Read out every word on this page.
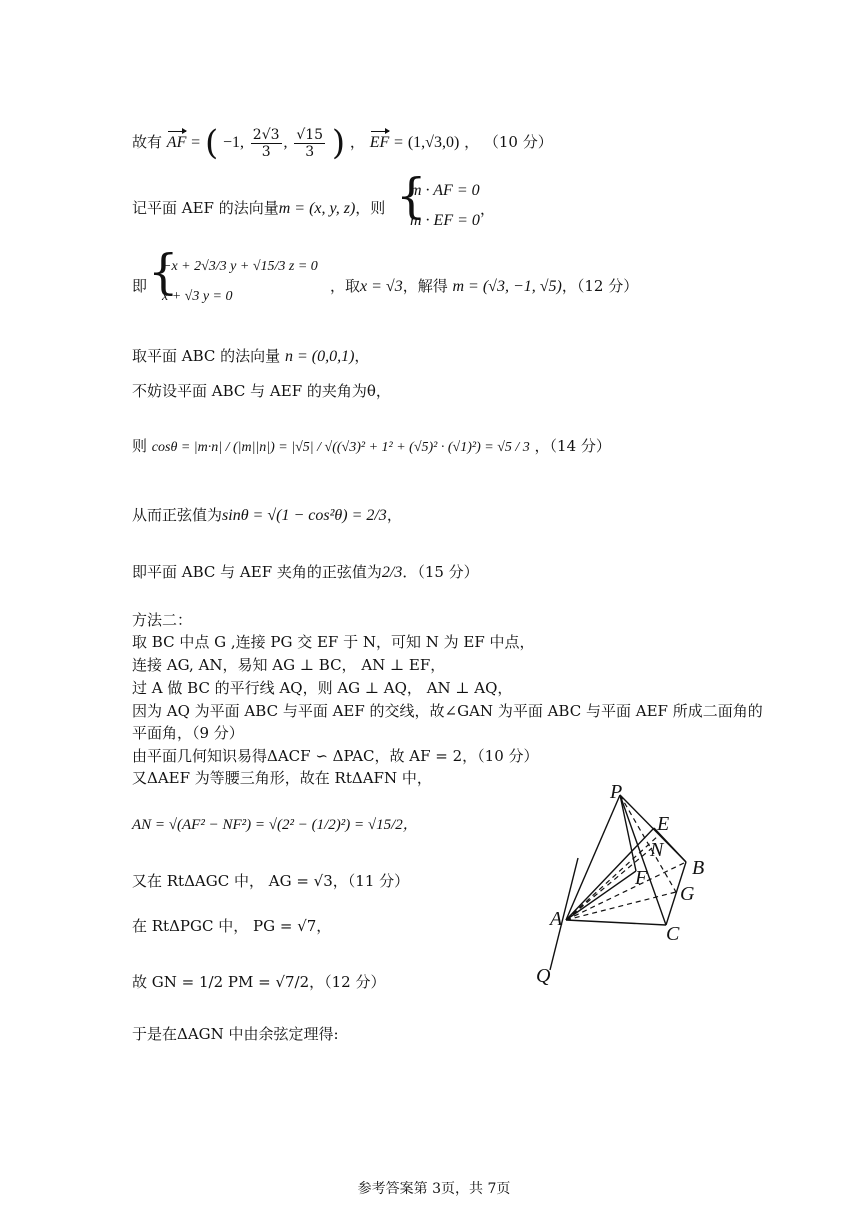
故有 AF = ( −1, $\frac{2√3}{3}$ , $\frac{√15}{3}$ ) ， EF = (1,√3,0) ， （10 分）
记平面 AEF 的法向量m = (x, y, z)，则
{ m · AF = 0
m · EF = 0
，
即
{ −x + 2√3/3 y + √15/3 z = 0
x + √3 y = 0
，取x = √3，解得 m = (√3, −1, √5)，（12 分）
取平面 ABC 的法向量 n = (0,0,1)，
不妨设平面 ABC 与 AEF 的夹角为θ，
则 cosθ = |m·n| / (|m||n|) = |√5| / √((√3)² + 1² + (√5)² · (√1)²) = √5 / 3 ，（14 分）
从而正弦值为sinθ = √(1 − cos²θ) = 2/3，
即平面 ABC 与 AEF 夹角的正弦值为2/3．（15 分）
方法二：
取 BC 中点 G ,连接 PG 交 EF 于 N，可知 N 为 EF 中点，
连接 AG, AN，易知 AG ⊥ BC， AN ⊥ EF，
过 A 做 BC 的平行线 AQ，则 AG ⊥ AQ， AN ⊥ AQ，
因为 AQ 为平面 ABC 与平面 AEF 的交线，故∠GAN 为平面 ABC 与平面 AEF 所成二面角的
平面角，（9 分）
由平面几何知识易得ΔACF ∽ ΔPAC，故 AF = 2，（10 分）
又ΔAEF 为等腰三角形，故在 RtΔAFN 中，
AN = √(AF² − NF²) = √(2² − (1/2)²) = √15/2，
又在 RtΔAGC 中， AG = √3，（11 分）
在 RtΔPGC 中， PG = √7，
故 GN = 1/2 PM = √7/2，（12 分）
于是在ΔAGN 中由余弦定理得:
P
E
N
B
F
G
A
C
Q
参考答案第 3页，共 7页
